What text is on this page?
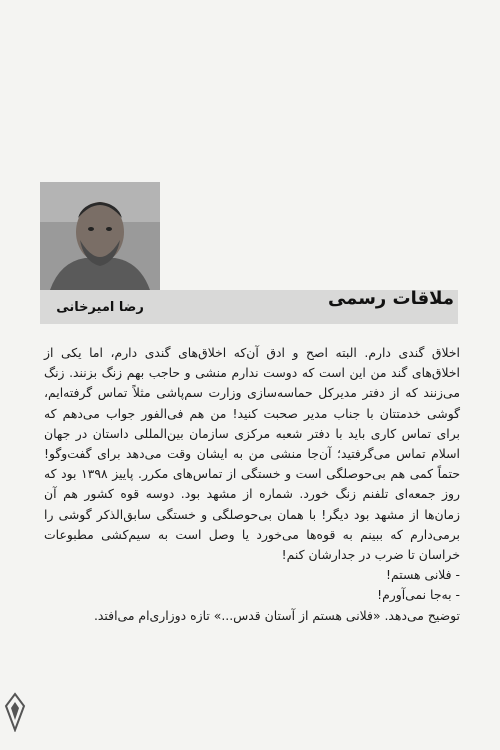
ملاقات رسمی
رضا امیرخانی

اخلاق گندی دارم. البته اصح و ادق آن‌که اخلاق‌های گندی دارم، اما یکی از اخلاق‌های گند من این است که دوست ندارم منشی و حاجب بهم زنگ بزنند. زنگ می‌زنند که از دفتر مدیرکل حماسه‌سازی وزارت سم‌پاشی مثلاً تماس گرفته‌ایم، گوشی خدمتتان با جناب مدیر صحبت کنید! من هم فی‌الفور جواب می‌دهم که برای تماس کاری باید با دفتر شعبه مرکزی سازمان بین‌المللی داستان در جهان اسلام تماس می‌گرفتید؛ آن‌جا منشی من به ایشان وقت می‌دهد برای گفت‌وگو! حتماً کمی هم بی‌حوصلگی است و خستگی از تماس‌های مکرر. پاییز ۱۳۹۸ بود که روز جمعه‌ای تلفنم زنگ خورد. شماره از مشهد بود. دوسه قوه کشور هم آن زمان‌ها از مشهد بود دیگر! با همان بی‌حوصلگی و خستگی سابق‌الذکر گوشی را برمی‌دارم که ببینم به قوه‌ها می‌خورد یا وصل است به سیم‌کشی مطبوعات خراسان تا ضرب در جدارشان کنم!

- فلانی هستم!

- به‌جا نمی‌آورم!

توضیح می‌دهد. «فلانی هستم از آستان قدس...» تازه دوزاری‌ام می‌افتد.
